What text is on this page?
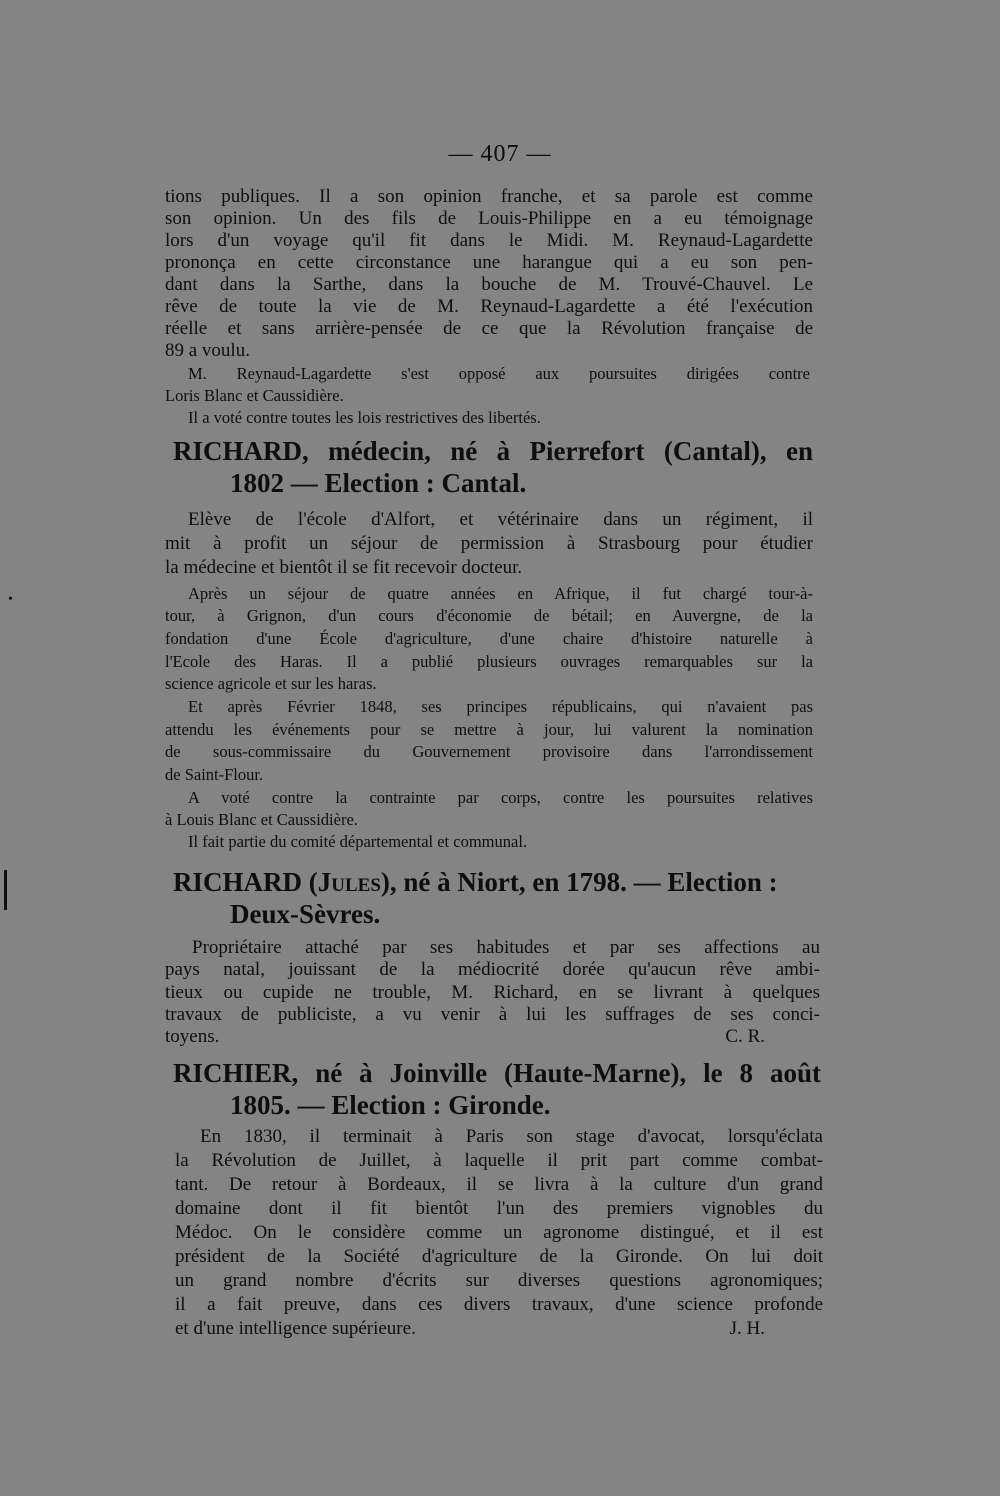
— 407 —

tions publiques. Il a son opinion franche, et sa parole est comme

son opinion. Un des fils de Louis-Philippe en a eu témoignage

lors d'un voyage qu'il fit dans le Midi. M. Reynaud-Lagardette

prononça en cette circonstance une harangue qui a eu son pen-

dant dans la Sarthe, dans la bouche de M. Trouvé-Chauvel. Le

rêve de toute la vie de M. Reynaud-Lagardette a été l'exécution

réelle et sans arrière-pensée de ce que la Révolution française de

89 a voulu.

M. Reynaud-Lagardette s'est opposé aux poursuites dirigées contre

Loris Blanc et Caussidière.

Il a voté contre toutes les lois restrictives des libertés.

RICHARD, médecin, né à Pierrefort (Cantal), en
1802 — Election : Cantal.

Elève de l'école d'Alfort, et vétérinaire dans un régiment, il

mit à profit un séjour de permission à Strasbourg pour étudier

la médecine et bientôt il se fit recevoir docteur.

Après un séjour de quatre années en Afrique, il fut chargé tour-à-

tour, à Grignon, d'un cours d'économie de bétail; en Auvergne, de la

fondation d'une École d'agriculture, d'une chaire d'histoire naturelle à

l'Ecole des Haras. Il a publié plusieurs ouvrages remarquables sur la

science agricole et sur les haras.

Et après Février 1848, ses principes républicains, qui n'avaient pas

attendu les événements pour se mettre à jour, lui valurent la nomination

de sous-commissaire du Gouvernement provisoire dans l'arrondissement

de Saint-Flour.

A voté contre la contrainte par corps, contre les poursuites relatives

à Louis Blanc et Caussidière.

Il fait partie du comité départemental et communal.

RICHARD (Jules), né à Niort, en 1798. — Election :
Deux-Sèvres.

Propriétaire attaché par ses habitudes et par ses affections au

pays natal, jouissant de la médiocrité dorée qu'aucun rêve ambi-

tieux ou cupide ne trouble, M. Richard, en se livrant à quelques

travaux de publiciste, a vu venir à lui les suffrages de ses conci-

toyens.	C. R.

RICHIER, né à Joinville (Haute-Marne), le 8 août
1805. — Election : Gironde.

En 1830, il terminait à Paris son stage d'avocat, lorsqu'éclata

la Révolution de Juillet, à laquelle il prit part comme combat-

tant. De retour à Bordeaux, il se livra à la culture d'un grand

domaine dont il fit bientôt l'un des premiers vignobles du

Médoc. On le considère comme un agronome distingué, et il est

président de la Société d'agriculture de la Gironde. On lui doit

un grand nombre d'écrits sur diverses questions agronomiques;

il a fait preuve, dans ces divers travaux, d'une science profonde

et d'une intelligence supérieure.	J. H.

•
